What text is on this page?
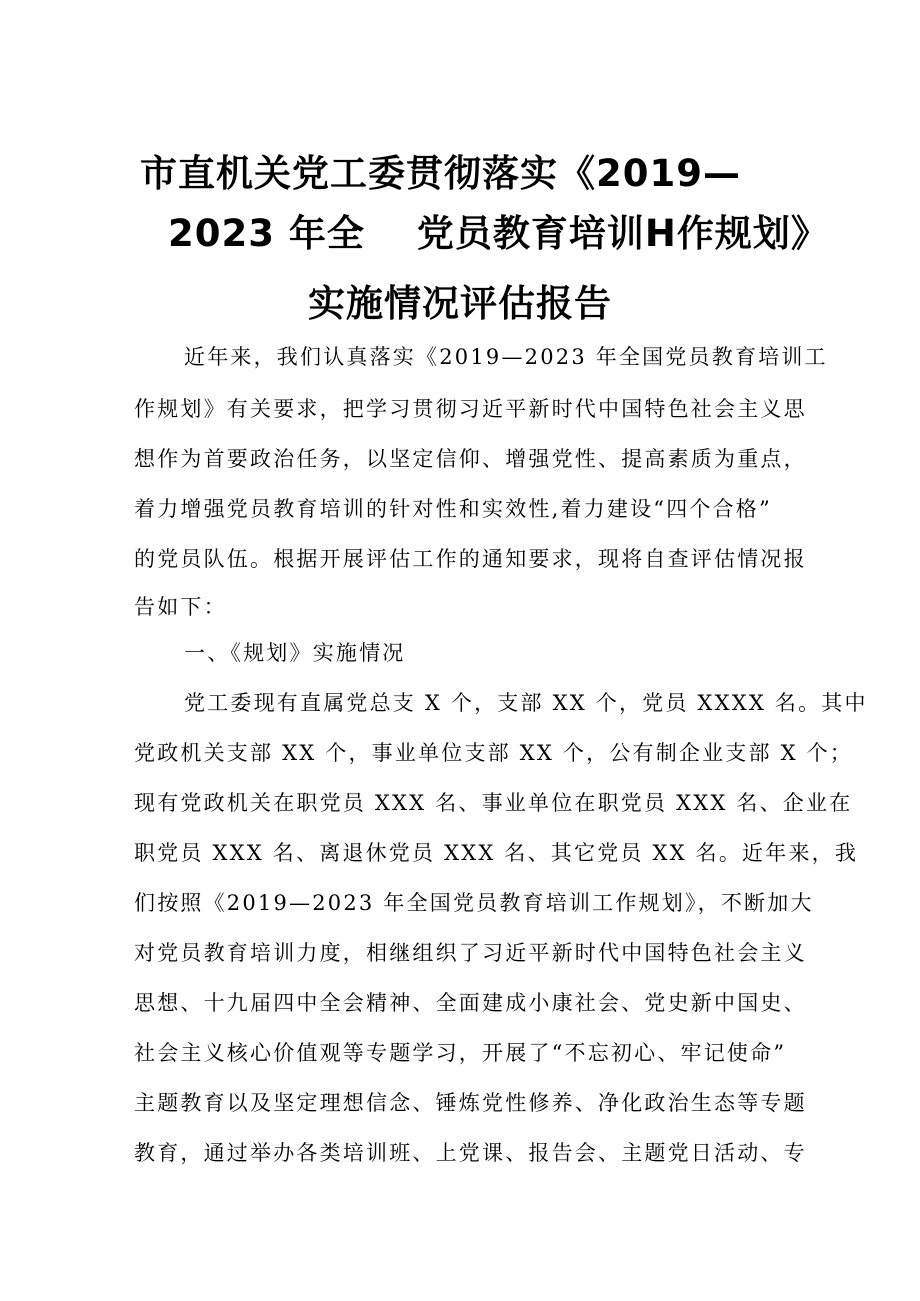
市直机关党工委贯彻落实《2019—
2023 年全 党员教育培训H作规划》
实施情况评估报告
近年来，我们认真落实《2019—2023 年全国党员教育培训工
作规划》有关要求，把学习贯彻习近平新时代中国特色社会主义思
想作为首要政治任务，以坚定信仰、增强党性、提高素质为重点，
着力增强党员教育培训的针对性和实效性,着力建设“四个合格”
的党员队伍。根据开展评估工作的通知要求，现将自查评估情况报
告如下：
一、《规划》实施情况
党工委现有直属党总支 X 个，支部 XX 个，党员 XXXX 名。其中
党政机关支部 XX 个，事业单位支部 XX 个，公有制企业支部 X 个；
现有党政机关在职党员 XXX 名、事业单位在职党员 XXX 名、企业在
职党员 XXX 名、离退休党员 XXX 名、其它党员 XX 名。近年来，我
们按照《2019—2023 年全国党员教育培训工作规划》，不断加大
对党员教育培训力度，相继组织了习近平新时代中国特色社会主义
思想、十九届四中全会精神、全面建成小康社会、党史新中国史、
社会主义核心价值观等专题学习，开展了“不忘初心、牢记使命”
主题教育以及坚定理想信念、锤炼党性修养、净化政治生态等专题
教育，通过举办各类培训班、上党课、报告会、主题党日活动、专
